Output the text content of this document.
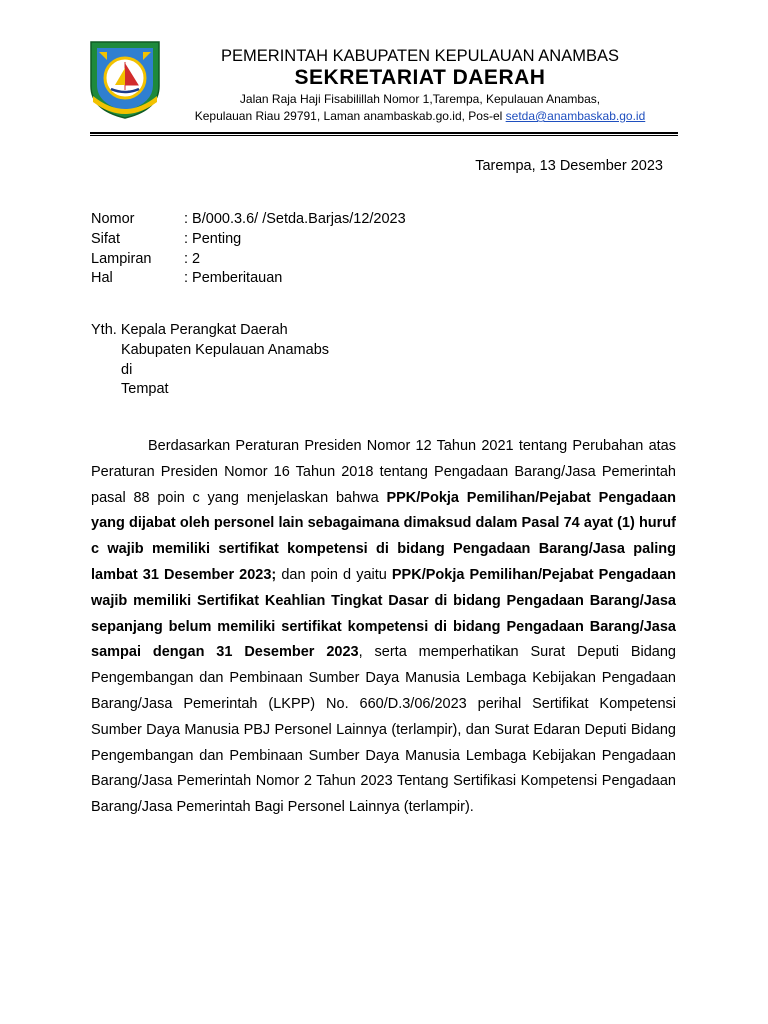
PEMERINTAH KABUPATEN KEPULAUAN ANAMBAS
SEKRETARIAT DAERAH
Jalan Raja Haji Fisabilillah Nomor 1,Tarempa, Kepulauan Anambas,
Kepulauan Riau 29791, Laman anambaskab.go.id, Pos-el setda@anambaskab.go.id
Tarempa, 13 Desember 2023
Nomor	: B/000.3.6/ /Setda.Barjas/12/2023
Sifat	: Penting
Lampiran : 2
Hal	: Pemberitauan
Yth. Kepala Perangkat Daerah
Kabupaten Kepulauan Anamabs
di
Tempat

Berdasarkan Peraturan Presiden Nomor 12 Tahun 2021 tentang Perubahan atas Peraturan Presiden Nomor 16 Tahun 2018 tentang Pengadaan Barang/Jasa Pemerintah pasal 88 poin c yang menjelaskan bahwa PPK/Pokja Pemilihan/Pejabat Pengadaan yang dijabat oleh personel lain sebagaimana dimaksud dalam Pasal 74 ayat (1) huruf c wajib memiliki sertifikat kompetensi di bidang Pengadaan Barang/Jasa paling lambat 31 Desember 2023; dan poin d yaitu PPK/Pokja Pemilihan/Pejabat Pengadaan wajib memiliki Sertifikat Keahlian Tingkat Dasar di bidang Pengadaan Barang/Jasa sepanjang belum memiliki sertifikat kompetensi di bidang Pengadaan Barang/Jasa sampai dengan 31 Desember 2023, serta memperhatikan Surat Deputi Bidang Pengembangan dan Pembinaan Sumber Daya Manusia Lembaga Kebijakan Pengadaan Barang/Jasa Pemerintah (LKPP) No. 660/D.3/06/2023 perihal Sertifikat Kompetensi Sumber Daya Manusia PBJ Personel Lainnya (terlampir), dan Surat Edaran Deputi Bidang Pengembangan dan Pembinaan Sumber Daya Manusia Lembaga Kebijakan Pengadaan Barang/Jasa Pemerintah Nomor 2 Tahun 2023 Tentang Sertifikasi Kompetensi Pengadaan Barang/Jasa Pemerintah Bagi Personel Lainnya (terlampir).
